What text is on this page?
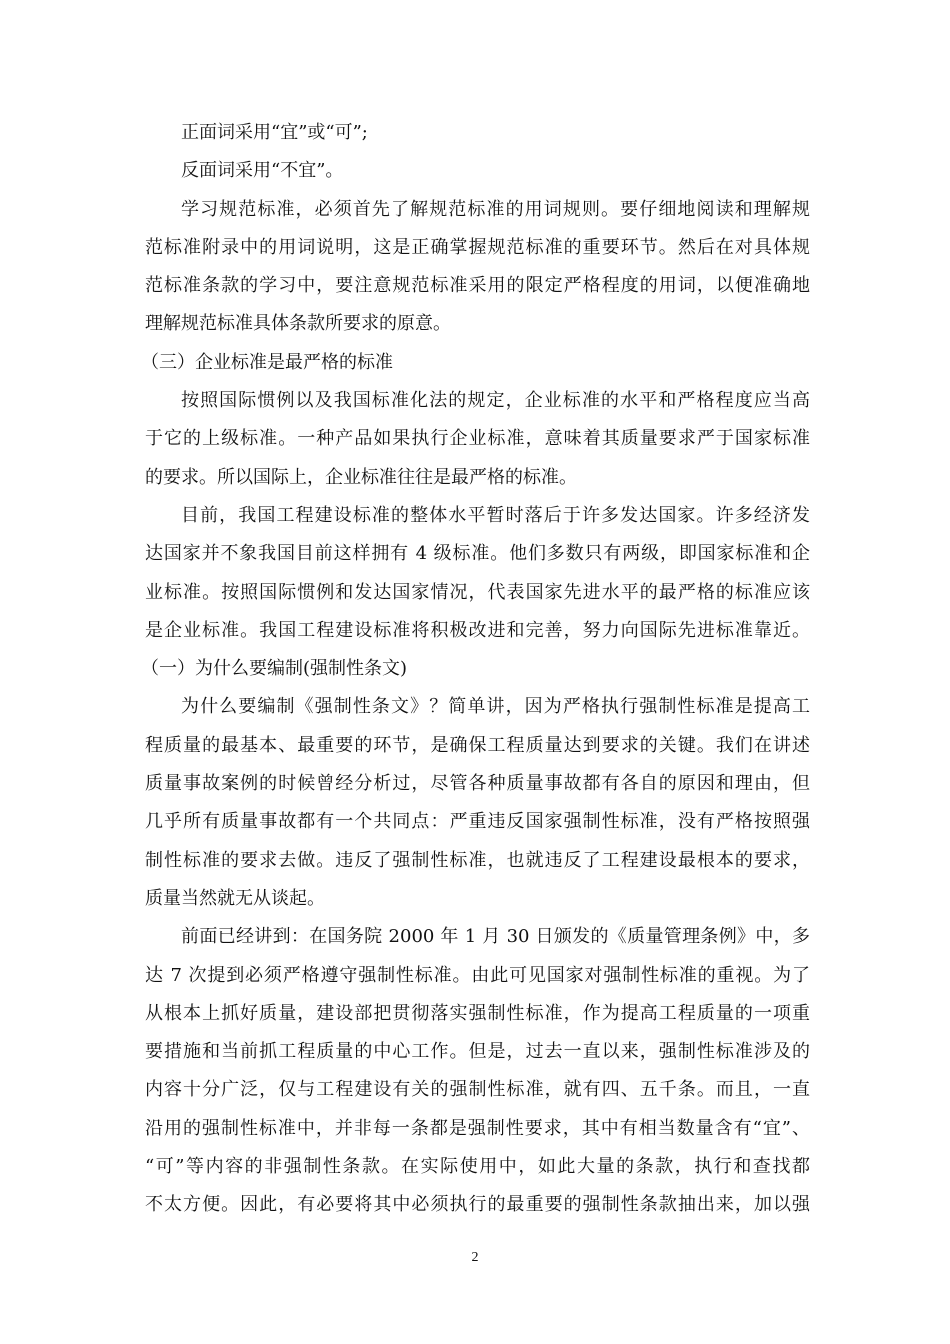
正面词采用“宜”或“可”;
反面词采用“不宜”。
学习规范标准，必须首先了解规范标准的用词规则。要仔细地阅读和理解规
范标准附录中的用词说明，这是正确掌握规范标准的重要环节。然后在对具体规
范标准条款的学习中，要注意规范标准采用的限定严格程度的用词，以便准确地
理解规范标准具体条款所要求的原意。
（三）企业标准是最严格的标准
按照国际惯例以及我国标准化法的规定，企业标准的水平和严格程度应当高
于它的上级标准。一种产品如果执行企业标准，意味着其质量要求严于国家标准
的要求。所以国际上，企业标准往往是最严格的标准。
目前，我国工程建设标准的整体水平暂时落后于许多发达国家。许多经济发
达国家并不象我国目前这样拥有 4 级标准。他们多数只有两级，即国家标准和企
业标准。按照国际惯例和发达国家情况，代表国家先进水平的最严格的标准应该
是企业标准。我国工程建设标准将积极改进和完善，努力向国际先进标准靠近。
（一）为什么要编制(强制性条文)
为什么要编制《强制性条文》？简单讲，因为严格执行强制性标准是提高工
程质量的最基本、最重要的环节，是确保工程质量达到要求的关键。我们在讲述
质量事故案例的时候曾经分析过，尽管各种质量事故都有各自的原因和理由，但
几乎所有质量事故都有一个共同点：严重违反国家强制性标准，没有严格按照强
制性标准的要求去做。违反了强制性标准，也就违反了工程建设最根本的要求，
质量当然就无从谈起。
前面已经讲到：在国务院 2000 年 1 月 30 日颁发的《质量管理条例》中，多
达 7 次提到必须严格遵守强制性标准。由此可见国家对强制性标准的重视。为了
从根本上抓好质量，建设部把贯彻落实强制性标准，作为提高工程质量的一项重
要措施和当前抓工程质量的中心工作。但是，过去一直以来，强制性标准涉及的
内容十分广泛，仅与工程建设有关的强制性标准，就有四、五千条。而且，一直
沿用的强制性标准中，并非每一条都是强制性要求，其中有相当数量含有“宜”、
“可”等内容的非强制性条款。在实际使用中，如此大量的条款，执行和查找都
不太方便。因此，有必要将其中必须执行的最重要的强制性条款抽出来，加以强
2
